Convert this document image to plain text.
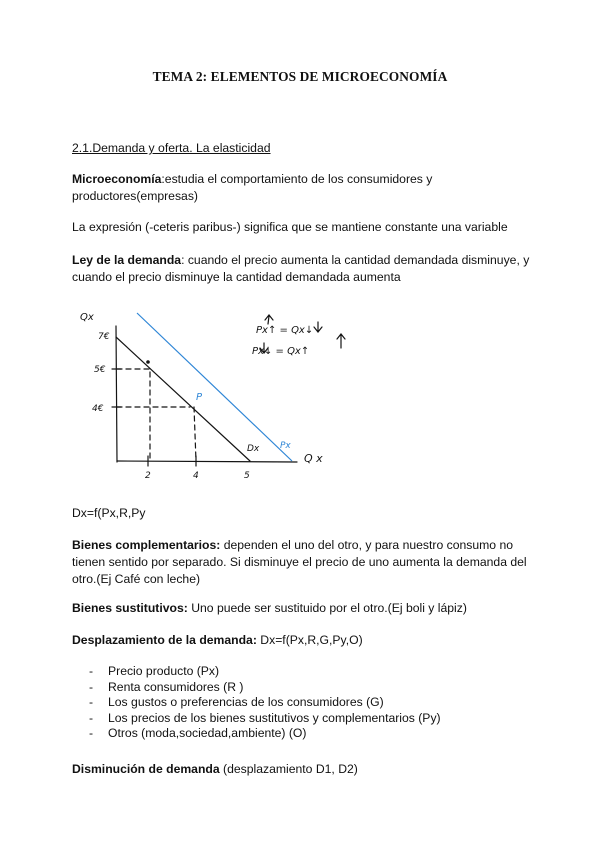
TEMA 2: ELEMENTOS DE MICROECONOMÍA
2.1.Demanda y oferta. La elasticidad
Microeconomía:estudia el comportamiento de los consumidores y productores(empresas)
La expresión (-ceteris paribus-) significa que se mantiene constante una variable
Ley de la demanda: cuando el precio aumenta la cantidad demandada disminuye, y cuando el precio disminuye la cantidad demandada aumenta
Qx
Q x
7€
5€
4€
2	4	5
Dx
Px↑ = Qx↓
Px↓ = Qx↑
P
Px
Dx=f(Px,R,Py
Bienes complementarios: dependen el uno del otro, y para nuestro consumo no tienen sentido por separado. Si disminuye el precio de uno aumenta la demanda del otro.(Ej Café con leche)
Bienes sustitutivos: Uno puede ser sustituido por el otro.(Ej boli y lápiz)
Desplazamiento de la demanda: Dx=f(Px,R,G,Py,O)
-	Precio producto (Px)
-	Renta consumidores (R )
-	Los gustos o preferencias de los consumidores (G)
-	Los precios de los bienes sustitutivos y complementarios (Py)
-	Otros (moda,sociedad,ambiente) (O)
Disminución de demanda (desplazamiento D1, D2)
